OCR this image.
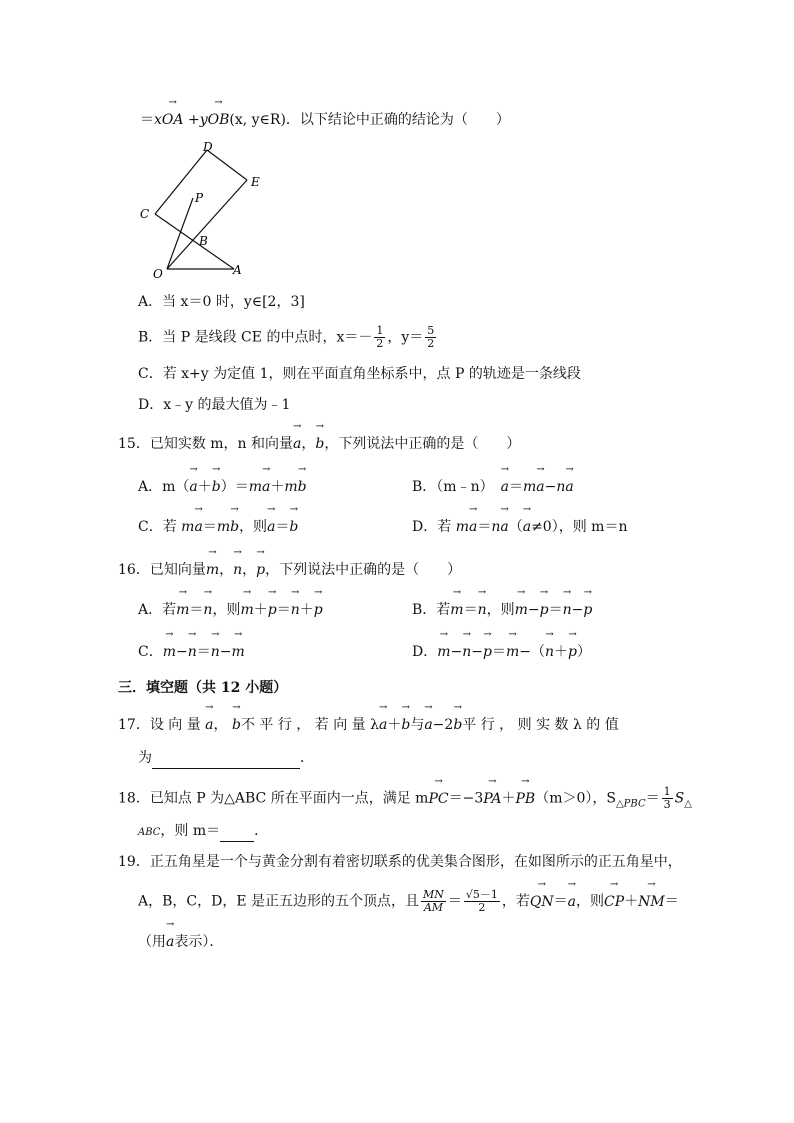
＝x→ OA +y→ OB(x, y∈R)．以下结论中正确的结论为（　　）
D
E
C
P
B
O	A
A．当 x＝0 时，y∈[2，3]
B．当 P 是线段 CE 的中点时，$x=- \frac{1}{2}$ ，$y= \frac{5}{2}$
C．若 x+y 为定值 1，则在平面直角坐标系中，点 P 的轨迹是一条线段
D．x﹣y 的最大值为﹣1
15．已知实数 m，n 和向量→ a，→ b，下列说法中正确的是（　　）
A．m（→ a＋→ b）＝m→ a＋m→ b	B．（m﹣n）　 → a＝m→ a−n→ a
C．若 m→ a＝m→ b，则→ a＝→ b	D．若 m→ a＝n→ a（→ a≠0），则 m＝n
16．已知向量→ m，→ n，→ p，下列说法中正确的是（　　）
A．若→ m＝→ n，则→ m＋→ p＝→ n＋→ p	B．若→ m＝→ n，则→ m−→ p＝→ n−→ p
C．→ m−→ n＝→ n−→ m	D．→ m−→ n−→ p＝→ m−（→ n＋→ p）
三．填空题（共 12 小题）
17．设 向 量 → a， → b不 平 行 ， 若 向 量 λ→ a＋→ b与→ a−2→ b平 行 ， 则 实 数 λ 的 值
为	．
18．已知点 P 为△ABC 所在平面内一点，满足 m→ PC＝−3→ PA＋→ PB（m＞0），$S_{\triangle PBC}= \frac{1}{3} S_\triangle$
ABC，则 m＝ ．
19．正五角星是一个与黄金分割有着密切联系的优美集合图形，在如图所示的正五角星中，
A，B，C，D，E 是正五边形的五个顶点，且 $\frac{MN}{AM} = \frac{√5-1}{2}$ ，若→ QN＝→ a，则→ CP＋→ NM＝
（用→ a表示）．
